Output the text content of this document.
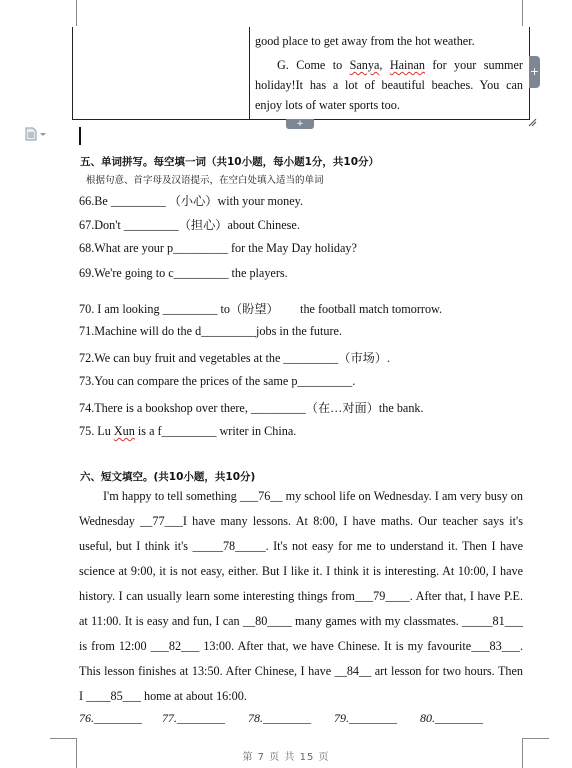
good place to get away from the hot weather.

G. Come to Sanya, Hainan for your summer holiday!It has a lot of beautiful beaches. You can enjoy lots of water sports too.

+
+
五、单词拼写。每空填一词（共10小题，每小题1分，共10分）
根据句意、首字母及汉语提示，在空白处填入适当的单词
66.Be _________ （小心）with your money.
67.Don't _________（担心）about Chinese.
68.What are your p_________ for the May Day holiday?
69.We're going to c_________ the players.
70. I am looking _________ to（盼望）       the football match tomorrow.
71.Machine will do the d_________jobs in the future.
72.We can buy fruit and vegetables at the _________（市场）.
73.You can compare the prices of the same p_________.
74.There is a bookshop over there, _________（在…对面）the bank.
75. Lu Xun is a f_________ writer in China.
六、短文填空。(共10小题，共10分)

I'm happy to tell something ___76__ my school life on Wednesday. I am very busy on Wednesday __77___I have many lessons. At 8:00, I have maths. Our teacher says it's useful, but I think it's _____78_____. It's not easy for me to understand it. Then I have science at 9:00, it is not easy, either. But I like it. I think it is interesting. At 10:00, I have history. I can usually learn some interesting things from___79____. After that, I have P.E. at 11:00. It is easy and fun, I can __80____ many games with my classmates. _____81___ is from 12:00 ___82___ 13:00. After that, we have Chinese. It is my favourite___83___. This lesson finishes at 13:50. After Chinese, I have __84__ art lesson for two hours. Then I ____85___ home at about 16:00.

76.________ 77.________ 78.________ 79.________ 80.________
第 7 页 共 15 页
